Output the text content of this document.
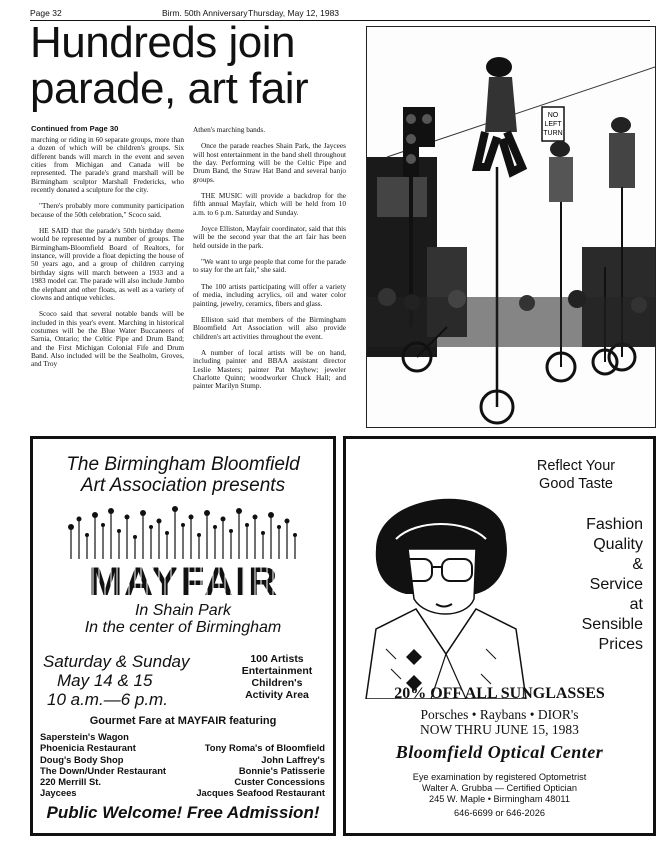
Page 32	Birm. 50th Anniversary Thursday, May 12, 1983
Hundreds join
parade, art fair
Continued from Page 30

marching or riding in 60 separate groups, more than a dozen of which will be children's groups. Six different bands will march in the event and seven cities from Michigan and Canada will be represented. The parade's grand marshall will be Birmingham sculptor Marshall Fredericks, who recently donated a sculpture for the city.

"There's probably more community participation because of the 50th celebration," Scoco said.

HE SAID that the parade's 50th birthday theme would be represented by a number of groups. The Birmingham-Bloomfield Board of Realtors, for instance, will provide a float depicting the house of 50 years ago, and a group of children carrying birthday signs will march between a 1933 and a 1983 model car. The parade will also include Jumbo the elephant and other floats, as well as a variety of clowns and antique vehicles.

Scoco said that several notable bands will be included in this year's event. Marching in historical costumes will be the Blue Water Buccaneers of Sarnia, Ontario; the Celtic Pipe and Drum Band; and the First Michigan Colonial Fife and Drum Band. Also included will be the Sealholm, Groves, and Troy

Athen's marching bands.

Once the parade reaches Shain Park, the Jaycees will host entertainment in the band shell throughout the day. Performing will be the Celtic Pipe and Drum Band, the Straw Hat Band and several banjo groups.

THE MUSIC will provide a backdrop for the fifth annual Mayfair, which will be held from 10 a.m. to 6 p.m. Saturday and Sunday.

Joyce Elliston, Mayfair coordinator, said that this will be the second year that the art fair has been held outside in the park.

"We want to urge people that come for the parade to stay for the art fair," she said.

The 100 artists participating will offer a variety of media, including acrylics, oil and water color painting, jewelry, ceramics, fibers and glass.

Elliston said that members of the Birmingham Bloomfield Art Association will also provide children's art activities throughout the event.

A number of local artists will be on hand, including painter and BBAA assistant director Leslie Masters; painter Pat Mayhew; jeweler Charlotte Quinn; woodworker Chuck Hall; and painter Marilyn Stump.

NO
LEFT
TURN
The Birmingham Bloomfield
Art Association presents
MAYFAIR
In Shain Park
In the center of Birmingham
Saturday & Sunday
May 14 & 15
10 a.m.—6 p.m.
100 Artists
Entertainment
Children's
Activity Area
Gourmet Fare at MAYFAIR featuring
Saperstein's Wagon
Phoenicia Restaurant
Doug's Body Shop
The Down/Under Restaurant
220 Merrill St.
Jaycees

Tony Roma's of Bloomfield
John Laffrey's
Bonnie's Patisserie
Custer Concessions
Jacques Seafood Restaurant
Public Welcome! Free Admission!
Reflect Your
Good Taste
Fashion
Quality
&
Service
at
Sensible
Prices
20% OFF ALL SUNGLASSES
Porsches • Raybans • DIOR's
NOW THRU JUNE 15, 1983
Bloomfield Optical Center
Eye examination by registered Optometrist
Walter A. Grubba — Certified Optician
245 W. Maple • Birmingham 48011
646-6699 or 646-2026
